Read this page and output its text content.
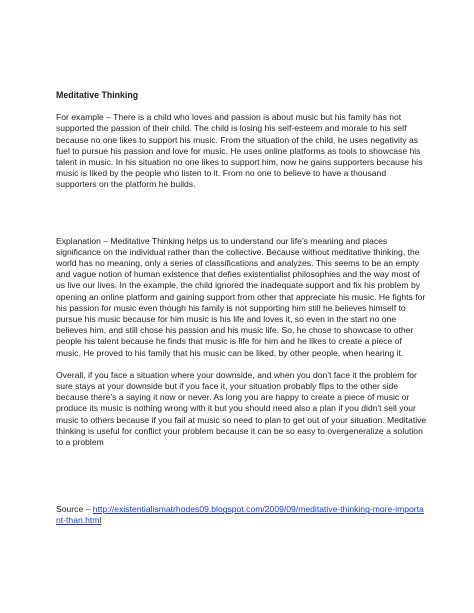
Meditative Thinking

For example – There is a child who loves and passion is about music but his family has not supported the passion of their child. The child is losing his self-esteem and morale to his self because no one likes to support his music. From the situation of the child, he uses negativity as fuel to pursue his passion and love for music. He uses online platforms as tools to showcase his talent in music. In his situation no one likes to support him, now he gains supporters because his music is liked by the people who listen to it. From no one to believe to have a thousand supporters on the platform he builds.

Explanation – Meditative Thinking helps us to understand our life’s meaning and places significance on the individual rather than the collective. Because without meditative thinking, the world has no meaning, only a series of classifications and analyzes. This seems to be an empty and vague notion of human existence that defies existentialist philosophies and the way most of us live our lives. In the example, the child ignored the inadequate support and fix his problem by opening an online platform and gaining support from other that appreciate his music. He fights for his passion for music even though his family is not supporting him still he believes himself to pursue his music because for him music is his life and loves it, so even in the start no one believes him, and still chose his passion and his music life. So, he chose to showcase to other people his talent because he finds that music is life for him and he likes to create a piece of music. He proved to his family that his music can be liked, by other people, when hearing it.

Overall, if you face a situation where your downside, and when you don't face it the problem for sure stays at your downside but if you face it, your situation probably flips to the other side because there's a saying it now or never. As long you are happy to create a piece of music or produce its music is nothing wrong with it but you should need also a plan if you didn't sell your music to others because if you fail at music so need to plan to get out of your situation. Meditative thinking is useful for conflict your problem because it can be so easy to overgeneralize a solution to a problem

Source – http://existentialismatrhodes09.blogspot.com/2009/09/meditative-thinking-more-important-than.html
